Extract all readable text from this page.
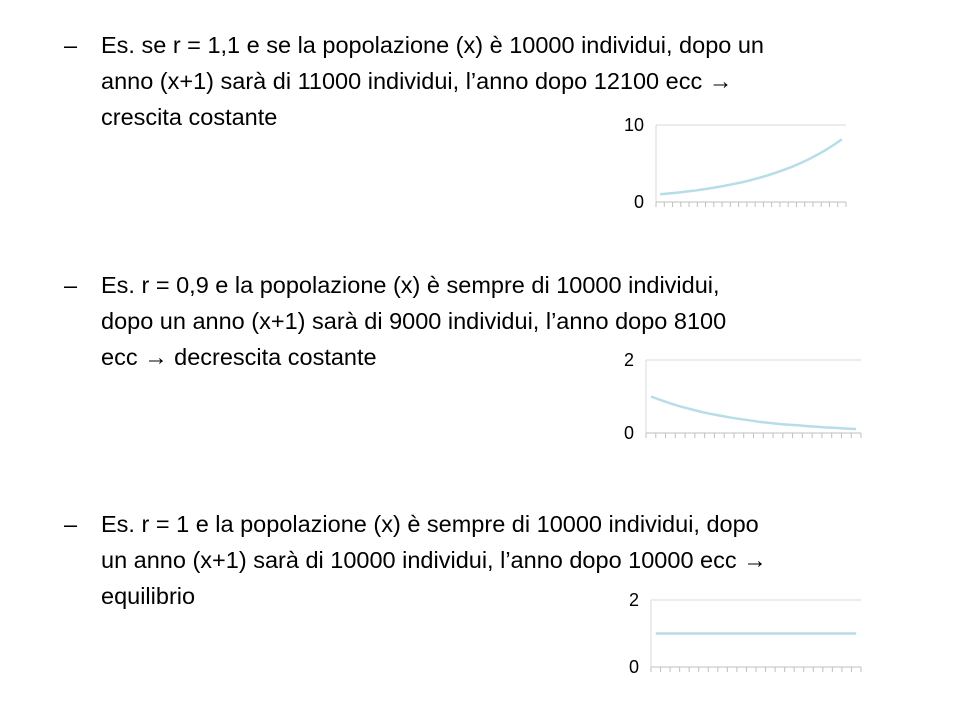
–	Es. se r = 1,1 e se la popolazione (x) è 10000 individui, dopo un
anno (x+1) sarà di 11000 individui, l’anno dopo 12100 ecc →
crescita costante
–	Es. r = 0,9 e la popolazione (x) è sempre di 10000 individui,
dopo un anno (x+1) sarà di 9000 individui, l’anno dopo 8100
ecc → decrescita costante
–	Es. r = 1 e la popolazione (x) è sempre di 10000 individui, dopo
un anno (x+1) sarà di 10000 individui, l’anno dopo 10000 ecc →
equilibrio
10
0
2
0
2
0
